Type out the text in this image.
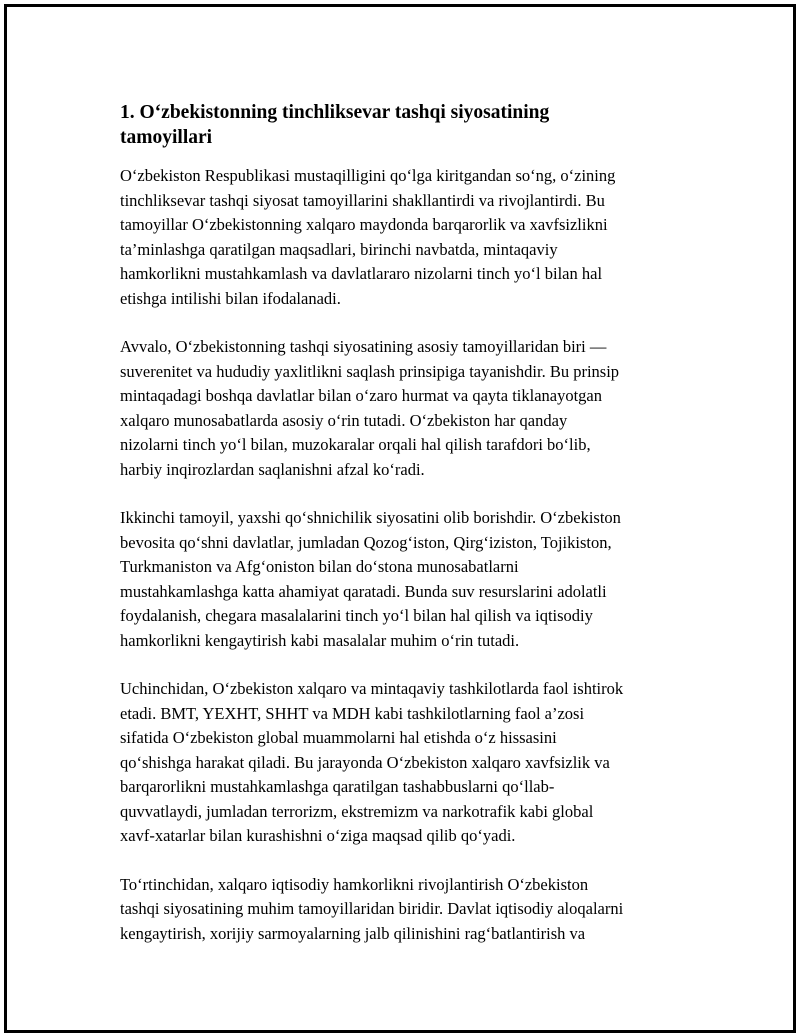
1. O‘zbekistonning tinchliksevar tashqi siyosatining
tamoyillari
O‘zbekiston Respublikasi mustaqilligini qo‘lga kiritgandan so‘ng, o‘zining
tinchliksevar tashqi siyosat tamoyillarini shakllantirdi va rivojlantirdi. Bu
tamoyillar O‘zbekistonning xalqaro maydonda barqarorlik va xavfsizlikni
ta’minlashga qaratilgan maqsadlari, birinchi navbatda, mintaqaviy
hamkorlikni mustahkamlash va davlatlararo nizolarni tinch yo‘l bilan hal
etishga intilishi bilan ifodalanadi.
Avvalo, O‘zbekistonning tashqi siyosatining asosiy tamoyillaridan biri —
suverenitet va hududiy yaxlitlikni saqlash prinsipiga tayanishdir. Bu prinsip
mintaqadagi boshqa davlatlar bilan o‘zaro hurmat va qayta tiklanayotgan
xalqaro munosabatlarda asosiy o‘rin tutadi. O‘zbekiston har qanday
nizolarni tinch yo‘l bilan, muzokaralar orqali hal qilish tarafdori bo‘lib,
harbiy inqirozlardan saqlanishni afzal ko‘radi.
Ikkinchi tamoyil, yaxshi qo‘shnichilik siyosatini olib borishdir. O‘zbekiston
bevosita qo‘shni davlatlar, jumladan Qozog‘iston, Qirg‘iziston, Tojikiston,
Turkmaniston va Afg‘oniston bilan do‘stona munosabatlarni
mustahkamlashga katta ahamiyat qaratadi. Bunda suv resurslarini adolatli
foydalanish, chegara masalalarini tinch yo‘l bilan hal qilish va iqtisodiy
hamkorlikni kengaytirish kabi masalalar muhim o‘rin tutadi.
Uchinchidan, O‘zbekiston xalqaro va mintaqaviy tashkilotlarda faol ishtirok
etadi. BMT, YEXHT, SHHT va MDH kabi tashkilotlarning faol a’zosi
sifatida O‘zbekiston global muammolarni hal etishda o‘z hissasini
qo‘shishga harakat qiladi. Bu jarayonda O‘zbekiston xalqaro xavfsizlik va
barqarorlikni mustahkamlashga qaratilgan tashabbuslarni qo‘llab-
quvvatlaydi, jumladan terrorizm, ekstremizm va narkotrafik kabi global
xavf-xatarlar bilan kurashishni o‘ziga maqsad qilib qo‘yadi.
To‘rtinchidan, xalqaro iqtisodiy hamkorlikni rivojlantirish O‘zbekiston
tashqi siyosatining muhim tamoyillaridan biridir. Davlat iqtisodiy aloqalarni
kengaytirish, xorijiy sarmoyalarning jalb qilinishini rag‘batlantirish va
